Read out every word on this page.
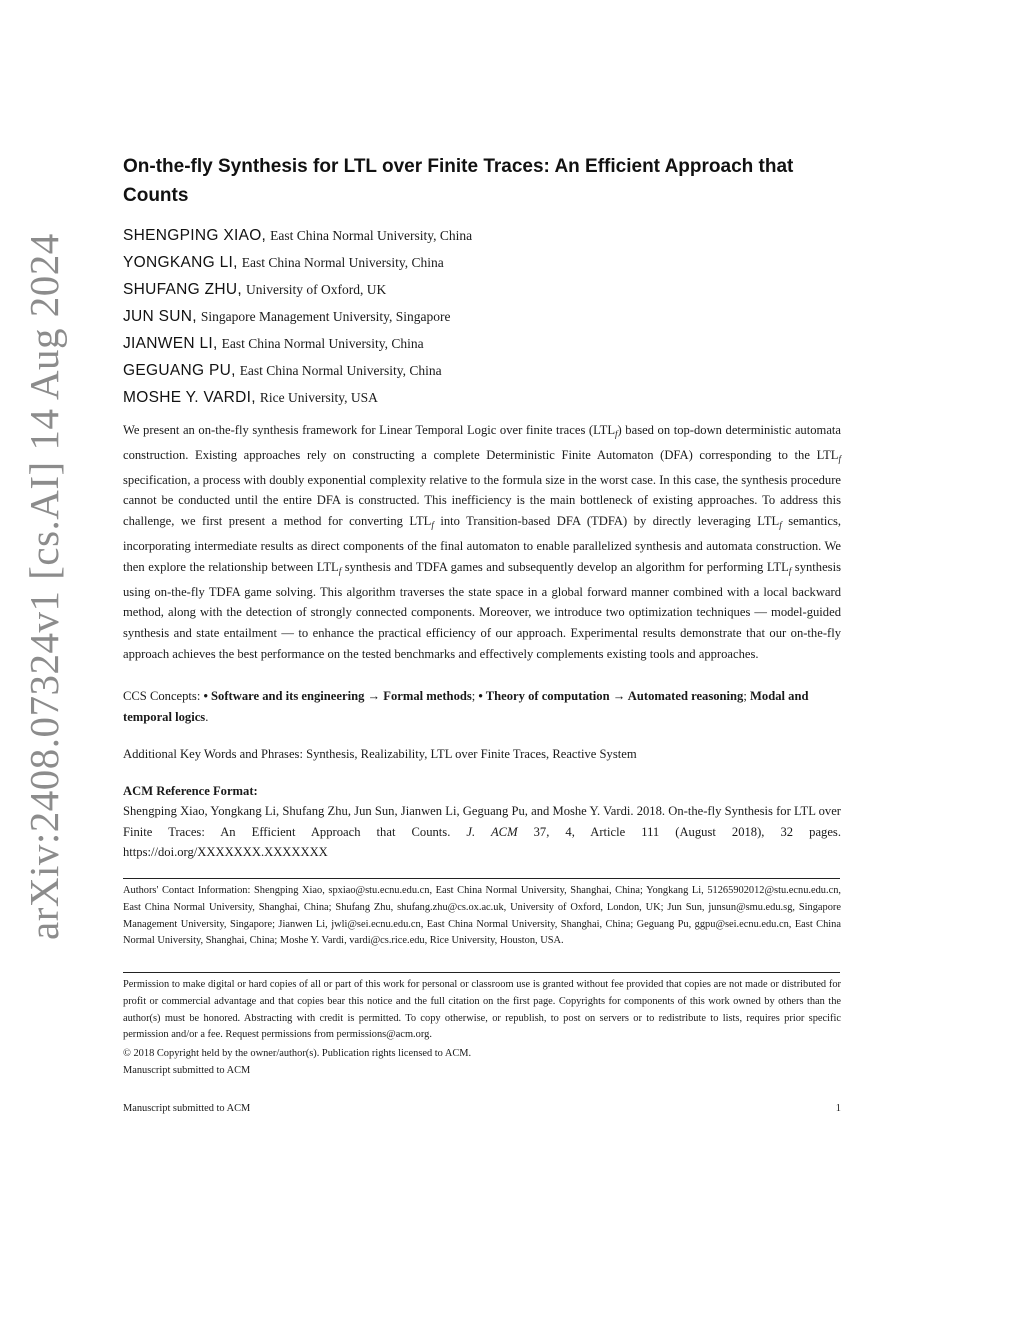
arXiv:2408.07324v1 [cs.AI] 14 Aug 2024
On-the-fly Synthesis for LTL over Finite Traces: An Efficient Approach that Counts
SHENGPING XIAO, East China Normal University, China
YONGKANG LI, East China Normal University, China
SHUFANG ZHU, University of Oxford, UK
JUN SUN, Singapore Management University, Singapore
JIANWEN LI, East China Normal University, China
GEGUANG PU, East China Normal University, China
MOSHE Y. VARDI, Rice University, USA

We present an on-the-fly synthesis framework for Linear Temporal Logic over finite traces $(LTL_f)$ based on top-down deterministic automata construction. Existing approaches rely on constructing a complete Deterministic Finite Automaton (DFA) corresponding to the $LTL_f$ specification, a process with doubly exponential complexity relative to the formula size in the worst case. In this case, the synthesis procedure cannot be conducted until the entire DFA is constructed. This inefficiency is the main bottleneck of existing approaches. To address this challenge, we first present a method for converting $LTL_f$ into Transition-based DFA (TDFA) by directly leveraging $LTL_f$ semantics, incorporating intermediate results as direct components of the final automaton to enable parallelized synthesis and automata construction. We then explore the relationship between $LTL_f$ synthesis and TDFA games and subsequently develop an algorithm for performing $LTL_f$ synthesis using on-the-fly TDFA game solving. This algorithm traverses the state space in a global forward manner combined with a local backward method, along with the detection of strongly connected components. Moreover, we introduce two optimization techniques — model-guided synthesis and state entailment — to enhance the practical efficiency of our approach. Experimental results demonstrate that our on-the-fly approach achieves the best performance on the tested benchmarks and effectively complements existing tools and approaches.

CCS Concepts: • Software and its engineering → Formal methods; • Theory of computation → Automated reasoning; Modal and temporal logics.

Additional Key Words and Phrases: Synthesis, Realizability, LTL over Finite Traces, Reactive System

ACM Reference Format:

Shengping Xiao, Yongkang Li, Shufang Zhu, Jun Sun, Jianwen Li, Geguang Pu, and Moshe Y. Vardi. 2018. On-the-fly Synthesis for LTL over Finite Traces: An Efficient Approach that Counts. J. ACM 37, 4, Article 111 (August 2018), 32 pages. https://doi.org/XXXXXXX.XXXXXXX

Authors' Contact Information: Shengping Xiao, spxiao@stu.ecnu.edu.cn, East China Normal University, Shanghai, China; Yongkang Li, 51265902012@stu.ecnu.edu.cn, East China Normal University, Shanghai, China; Shufang Zhu, shufang.zhu@cs.ox.ac.uk, University of Oxford, London, UK; Jun Sun, junsun@smu.edu.sg, Singapore Management University, Singapore; Jianwen Li, jwli@sei.ecnu.edu.cn, East China Normal University, Shanghai, China; Geguang Pu, ggpu@sei.ecnu.edu.cn, East China Normal University, Shanghai, China; Moshe Y. Vardi, vardi@cs.rice.edu, Rice University, Houston, USA.

Permission to make digital or hard copies of all or part of this work for personal or classroom use is granted without fee provided that copies are not made or distributed for profit or commercial advantage and that copies bear this notice and the full citation on the first page. Copyrights for components of this work owned by others than the author(s) must be honored. Abstracting with credit is permitted. To copy otherwise, or republish, to post on servers or to redistribute to lists, requires prior specific permission and/or a fee. Request permissions from permissions@acm.org.

© 2018 Copyright held by the owner/author(s). Publication rights licensed to ACM.
Manuscript submitted to ACM
Manuscript submitted to ACM	1
